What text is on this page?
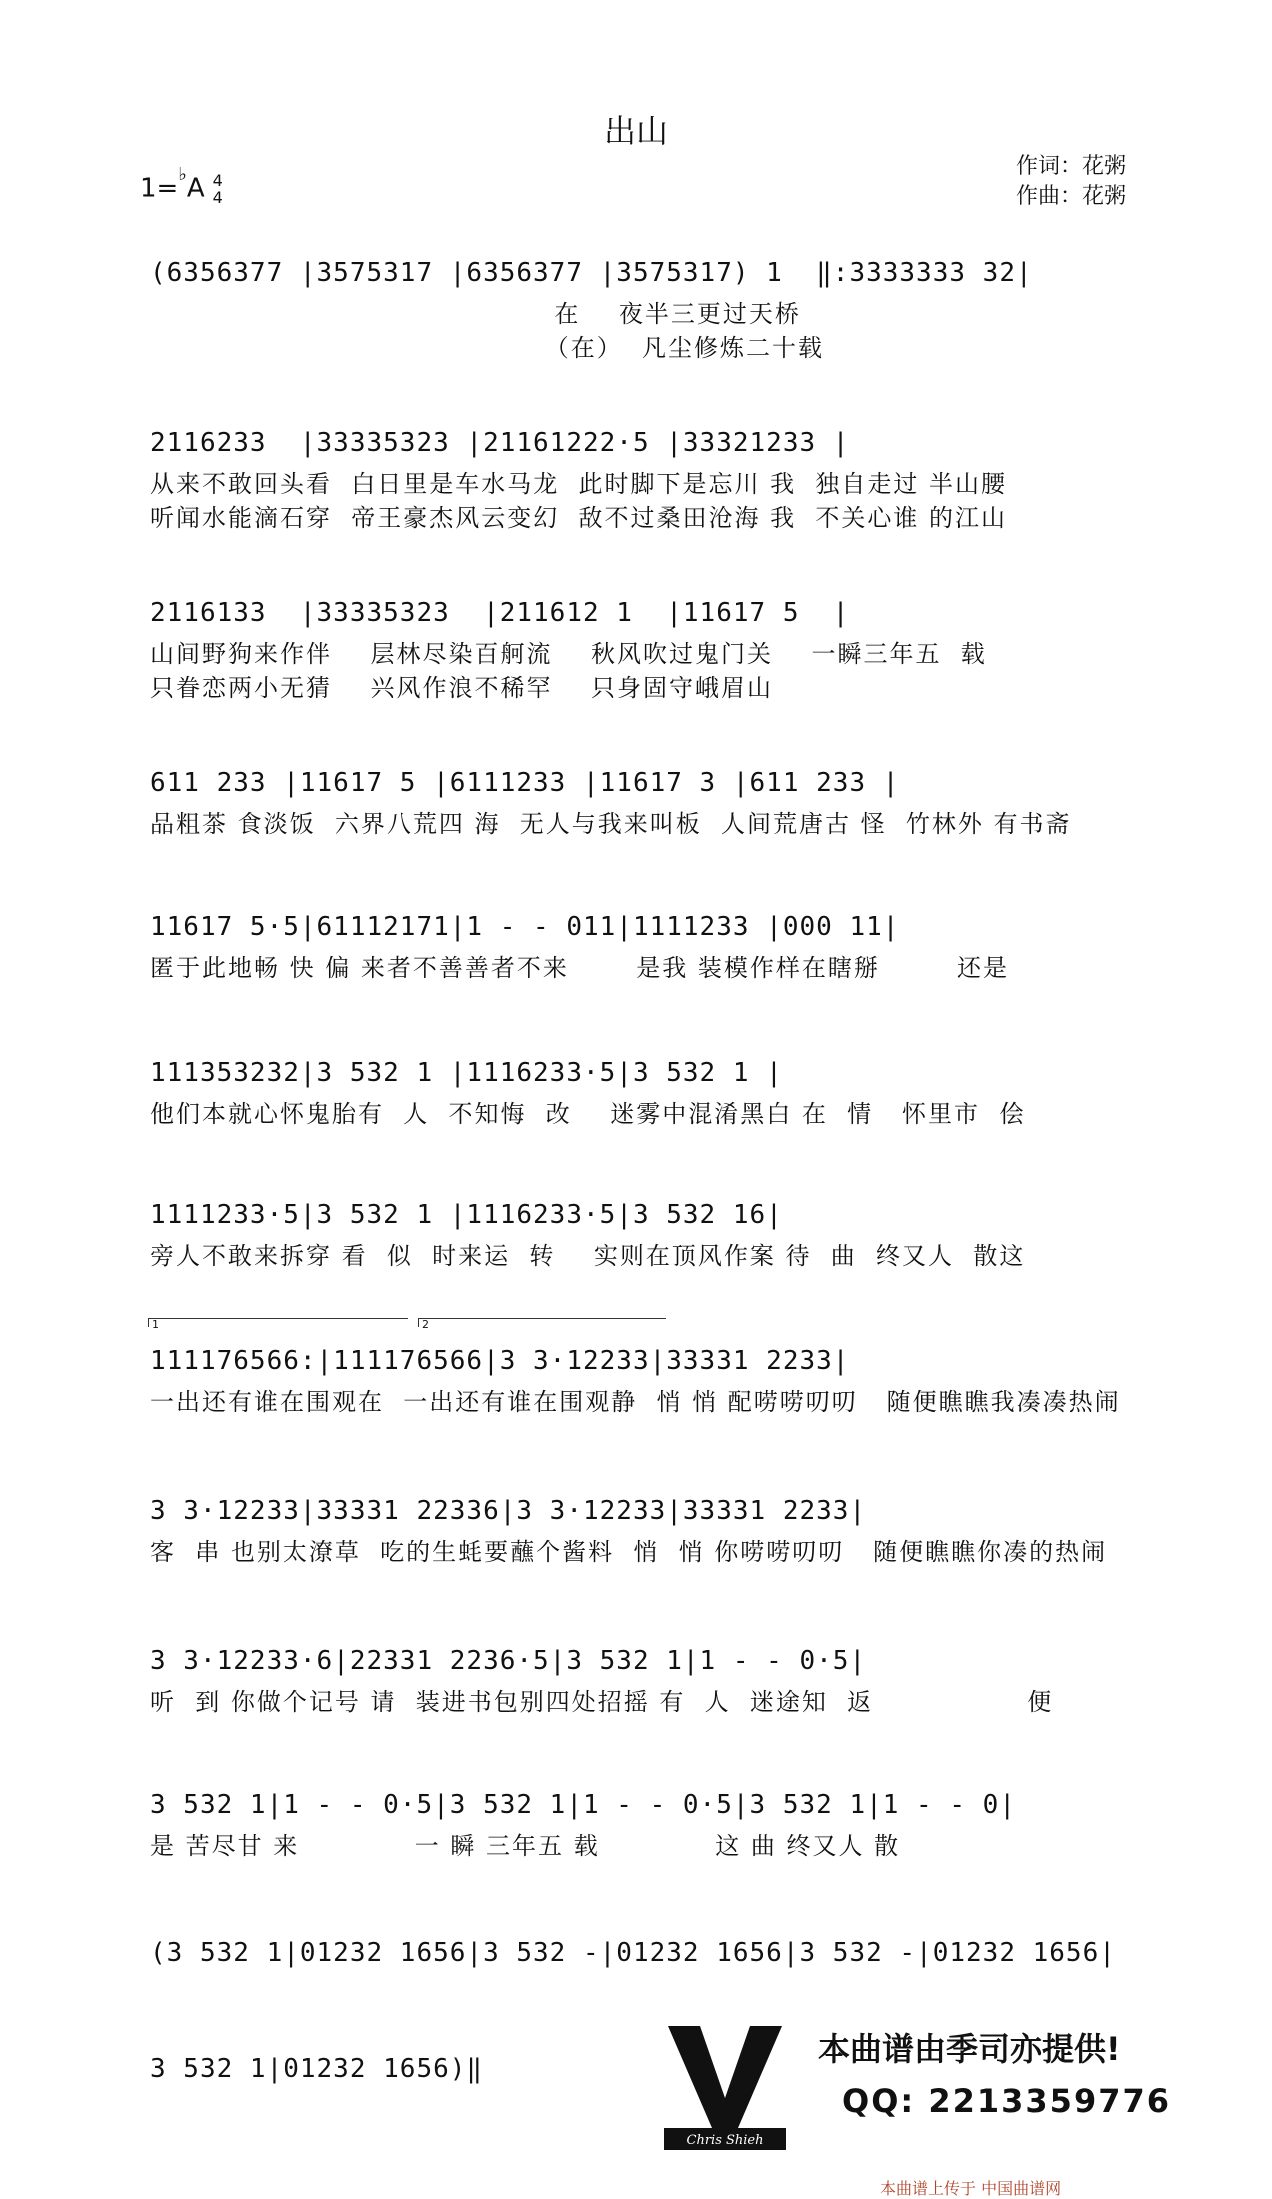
出山
1=♭A 4
4
作词：花粥
作曲：花粥
(6356377 |3575317 |6356377 |3575317) 1  ‖:3333333 32|
在    夜半三更过天桥
（在）  凡尘修炼二十载
2116233  |33335323 |21161222·5 |33321233 |
从来不敢回头看  白日里是车水马龙  此时脚下是忘川 我  独自走过 半山腰
听闻水能滴石穿  帝王豪杰风云变幻  敌不过桑田沧海 我  不关心谁 的江山
2116133  |33335323  |211612 1  |11617 5  |
山间野狗来作伴    层林尽染百舸流    秋风吹过鬼门关    一瞬三年五  载
只眷恋两小无猜    兴风作浪不稀罕    只身固守峨眉山
611 233 |11617 5 |6111233 |11617 3 |611 233 |
品粗茶 食淡饭  六界八荒四 海  无人与我来叫板  人间荒唐古 怪  竹林外 有书斋
11617 5·5|61112171|1 - - 011|1111233 |000 11|
匿于此地畅 快 偏 来者不善善者不来       是我 装模作样在瞎掰        还是
111353232|3 532 1 |1116233·5|3 532 1 |
他们本就心怀鬼胎有  人  不知悔  改    迷雾中混淆黑白 在  情   怀里市  侩
1111233·5|3 532 1 |1116233·5|3 532 16|
旁人不敢来拆穿 看  似  时来运  转    实则在顶风作案 待  曲  终又人  散这
1	2
111176566:|111176566|3 3·12233|33331 2233|
一出还有谁在围观在  一出还有谁在围观静  悄 悄 配唠唠叨叨   随便瞧瞧我凑凑热闹
3 3·12233|33331 22336|3 3·12233|33331 2233|
客  串 也别太潦草  吃的生蚝要蘸个酱料  悄  悄 你唠唠叨叨   随便瞧瞧你凑的热闹
3 3·12233·6|22331 2236·5|3 532 1|1 - - 0·5|
听  到 你做个记号 请  装进书包别四处招摇 有  人  迷途知  返                便
3 532 1|1 - - 0·5|3 532 1|1 - - 0·5|3 532 1|1 - - 0|
是 苦尽甘 来            一 瞬 三年五 载            这 曲 终又人 散
(3 532 1|01232 1656|3 532 -|01232 1656|3 532 -|01232 1656|
3 532 1|01232 1656)‖
Chris Shieh
本曲谱由季司亦提供!
QQ: 2213359776
本曲谱上传于 中国曲谱网
